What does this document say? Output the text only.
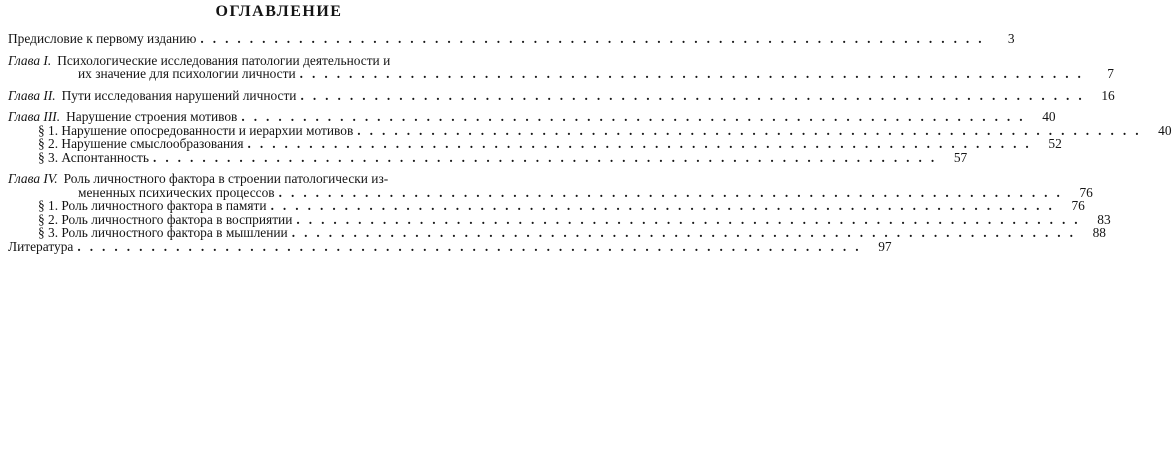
ОГЛАВЛЕНИЕ
Предисловие к первому изданию ................................................................	3
Глава I. Психологические исследования патологии деятельности и
их значение для психологии личности ................................................................	7
Глава II. Пути исследования нарушений личности ................................................................ 16
Глава III. Нарушение строения мотивов ................................................................ 40
§ 1. Нарушение опосредованности и иерархии мотивов ................................................................ 40
§ 2. Нарушение смыслообразования ................................................................ 52
§ 3. Аспонтанность ................................................................ 57
Глава IV. Роль личностного фактора в строении патологически из-
мененных психических процессов ................................................................ 76
§ 1. Роль личностного фактора в памяти ................................................................ 76
§ 2. Роль личностного фактора в восприятии ................................................................ 83
§ 3. Роль личностного фактора в мышлении ................................................................ 88
Литература ................................................................ 97
